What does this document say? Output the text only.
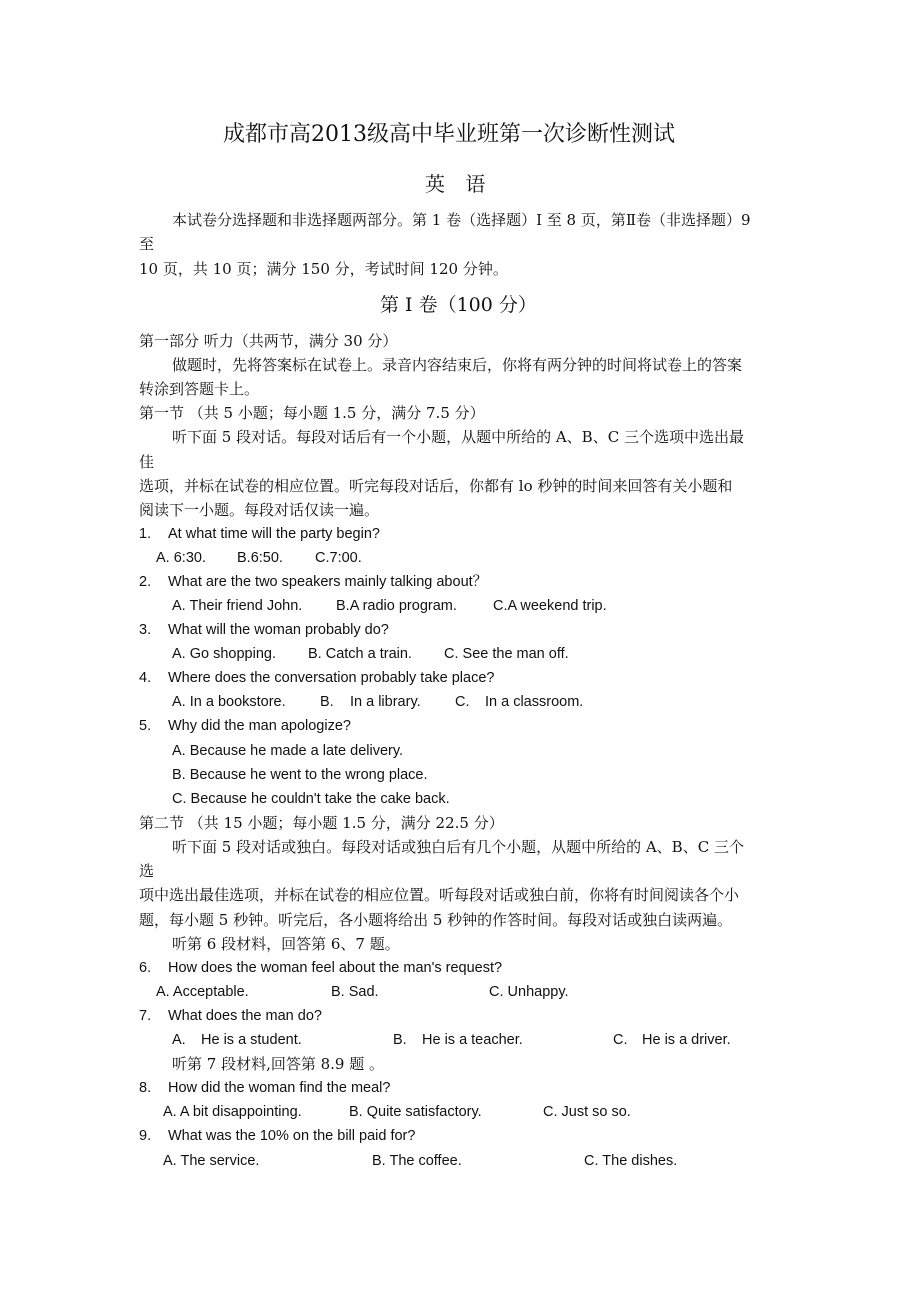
成都市高2013级高中毕业班第一次诊断性测试
英 语
本试卷分选择题和非选择题两部分。第 1 卷（选择题）I 至 8 页，第Ⅱ卷（非选择题）9
至
10 页，共 10 页；满分 150 分，考试时间 120 分钟。
第 I 卷（100 分）
第一部分 听力（共两节，满分 30 分）
做题时，先将答案标在试卷上。录音内容结束后，你将有两分钟的时间将试卷上的答案
转涂到答题卡上。
第一节 （共 5 小题；每小题 1.5 分，满分 7.5 分）
听下面 5 段对话。每段对话后有一个小题，从题中所给的 A、B、C 三个选项中选出最
佳
选项，并标在试卷的相应位置。听完每段对话后，你都有 lo 秒钟的时间来回答有关小题和
阅读下一小题。每段对话仅读一遍。
1. At what time will the party begin?
A. 6:30. B.6:50. C.7:00.
2. What are the two speakers mainly talking about？
A. Their friend John. B.A radio program. C.A weekend trip.
3. What will the woman probably do?
A. Go shopping. B. Catch a train. C. See the man off.
4. Where does the conversation probably take place?
A. In a bookstore. B. In a library. C. In a classroom.
5. Why did the man apologize?
A. Because he made a late delivery.
B. Because he went to the wrong place.
C. Because he couldn't take the cake back.
第二节 （共 15 小题；每小题 1.5 分，满分 22.5 分）
听下面 5 段对话或独白。每段对话或独白后有几个小题，从题中所给的 A、B、C 三个
选
项中选出最佳选项，并标在试卷的相应位置。听每段对话或独白前，你将有时间阅读各个小
题，每小题 5 秒钟。听完后，各小题将给出 5 秒钟的作答时间。每段对话或独白读两遍。
听第 6 段材料，回答第 6、7 题。
6. How does the woman feel about the man's request?
A. Acceptable.	B. Sad.	C. Unhappy.
7. What does the man do?
A. He is a student.	B. He is a teacher.	C. He is a driver.
听第 7 段材料,回答第 8.9 题 。
8. How did the woman find the meal?
A. A bit disappointing.	B. Quite satisfactory.	C. Just so so.
9. What was the 10% on the bill paid for?
A. The service.	B. The coffee.	C. The dishes.
